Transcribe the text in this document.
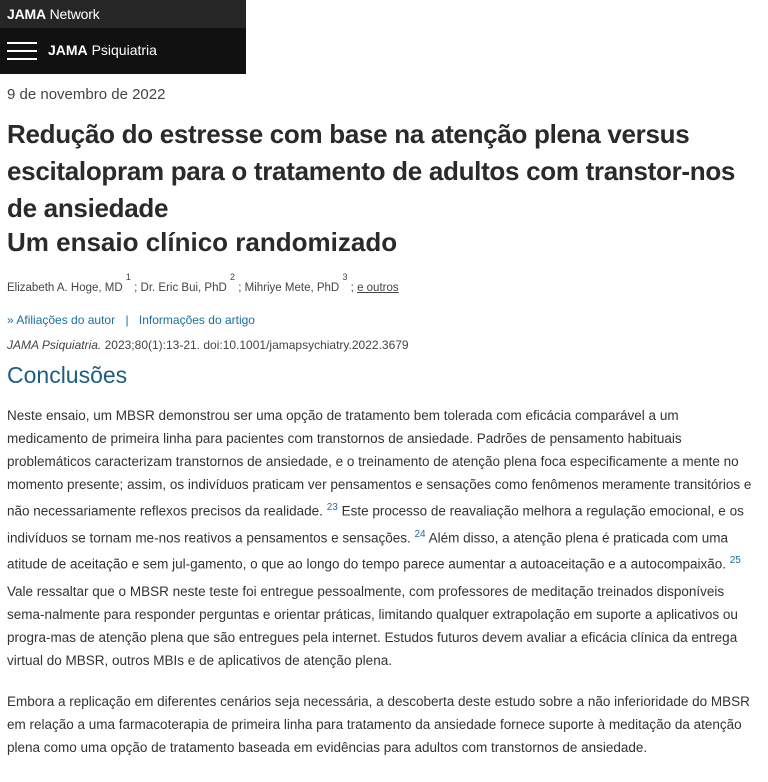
JAMA Network
JAMA Psiquiatria
9 de novembro de 2022
Redução do estresse com base na atenção plena versus escitalopram para o tratamento de adultos com transtor-nos de ansiedade
Um ensaio clínico randomizado
Elizabeth A. Hoge, MD $^1$ ; Dr. Eric Bui, PhD $^2$ ; Mihriye Mete, PhD $^3$ ; e outros
» Afiliações do autor | Informações do artigo
JAMA Psiquiatria. 2023;80(1):13-21. doi:10.1001/jamapsychiatry.2022.3679
Conclusões

Neste ensaio, um MBSR demonstrou ser uma opção de tratamento bem tolerada com eficácia comparável a um medicamento de primeira linha para pacientes com transtornos de ansiedade. Padrões de pensamento habituais problemáticos caracterizam transtornos de ansiedade, e o treinamento de atenção plena foca especificamente a mente no momento presente; assim, os indivíduos praticam ver pensamentos e sensações como fenômenos meramente transitórios e não necessariamente reflexos precisos da realidade. $^{23}$ Este processo de reavaliação melhora a regulação emocional, e os indivíduos se tornam me-nos reativos a pensamentos e sensações. $^{24}$ Além disso, a atenção plena é praticada com uma atitude de aceitação e sem jul-gamento, o que ao longo do tempo parece aumentar a autoaceitação e a autocompaixão. $^{25}$

Vale ressaltar que o MBSR neste teste foi entregue pessoalmente, com professores de meditação treinados disponíveis sema-nalmente para responder perguntas e orientar práticas, limitando qualquer extrapolação em suporte a aplicativos ou progra-mas de atenção plena que são entregues pela internet. Estudos futuros devem avaliar a eficácia clínica da entrega virtual do MBSR, outros MBIs e de aplicativos de atenção plena.

Embora a replicação em diferentes cenários seja necessária, a descoberta deste estudo sobre a não inferioridade do MBSR em relação a uma farmacoterapia de primeira linha para tratamento da ansiedade fornece suporte à meditação da atenção plena como uma opção de tratamento baseada em evidências para adultos com transtornos de ansiedade.
